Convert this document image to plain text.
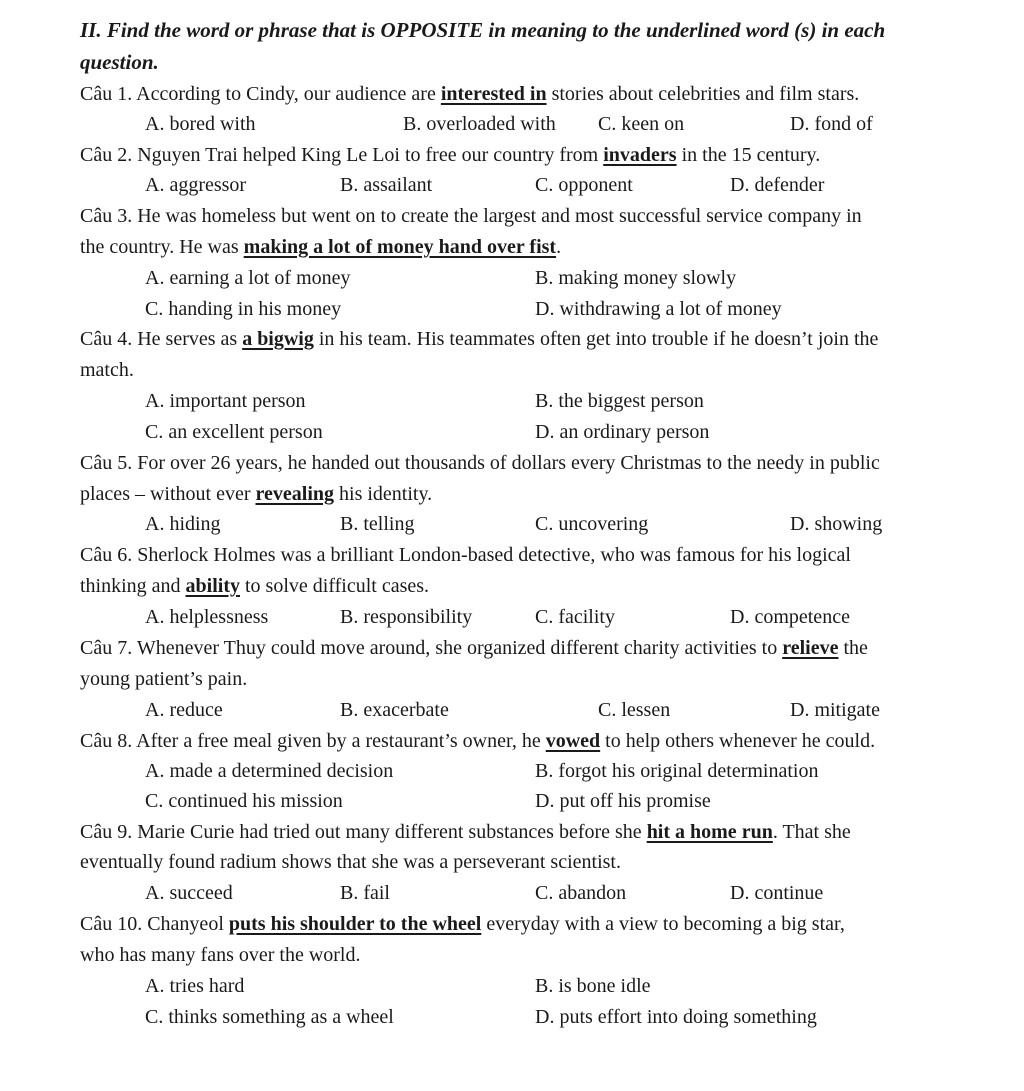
II. Find the word or phrase that is OPPOSITE in meaning to the underlined word (s) in each
question.
Câu 1. According to Cindy, our audience are interested in stories about celebrities and film stars.
A. bored with	B. overloaded with C. keen on	D. fond of
Câu 2. Nguyen Trai helped King Le Loi to free our country from invaders in the 15 century.
A. aggressor	B. assailant	C. opponent	D. defender
Câu 3. He was homeless but went on to create the largest and most successful service company in
the country. He was making a lot of money hand over fist.
A. earning a lot of money	B. making money slowly
C. handing in his money	D. withdrawing a lot of money
Câu 4. He serves as a bigwig in his team. His teammates often get into trouble if he doesn’t join the
match.
A. important person	B. the biggest person
C. an excellent person	D. an ordinary person
Câu 5. For over 26 years, he handed out thousands of dollars every Christmas to the needy in public
places – without ever revealing his identity.
A. hiding	B. telling	C. uncovering	D. showing
Câu 6. Sherlock Holmes was a brilliant London-based detective, who was famous for his logical
thinking and ability to solve difficult cases.
A. helplessness	B. responsibility	C. facility	D. competence
Câu 7. Whenever Thuy could move around, she organized different charity activities to relieve the
young patient’s pain.
A. reduce	B. exacerbate	C. lessen	D. mitigate
Câu 8. After a free meal given by a restaurant’s owner, he vowed to help others whenever he could.
A. made a determined decision	B. forgot his original determination
C. continued his mission	D. put off his promise
Câu 9. Marie Curie had tried out many different substances before she hit a home run. That she
eventually found radium shows that she was a perseverant scientist.
A. succeed	B. fail	C. abandon	D. continue
Câu 10. Chanyeol puts his shoulder to the wheel everyday with a view to becoming a big star,
who has many fans over the world.
A. tries hard	B. is bone idle
C. thinks something as a wheel	D. puts effort into doing something
